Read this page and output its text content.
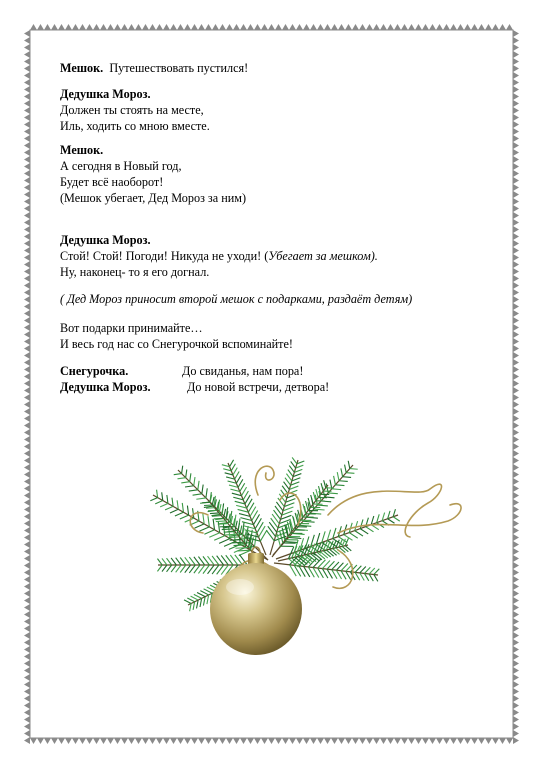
Мешок. Путешествовать пустился!
Дедушка Мороз.
Должен ты стоять на месте,
Иль, ходить со мною вместе.
Мешок.
А сегодня в Новый год,
Будет всё наоборот!
(Мешок убегает, Дед Мороз за ним)
Дедушка Мороз.
Стой! Стой! Погоди! Никуда не уходи! (Убегает за мешком).
Ну, наконец- то я его догнал.
( Дед Мороз приносит второй мешок с подарками, раздаёт детям)
Вот подарки принимайте…
И весь год нас со Снегурочкой вспоминайте!
Снегурочка.	До свиданья, нам пора!
Дедушка Мороз.	До новой встречи, детвора!
